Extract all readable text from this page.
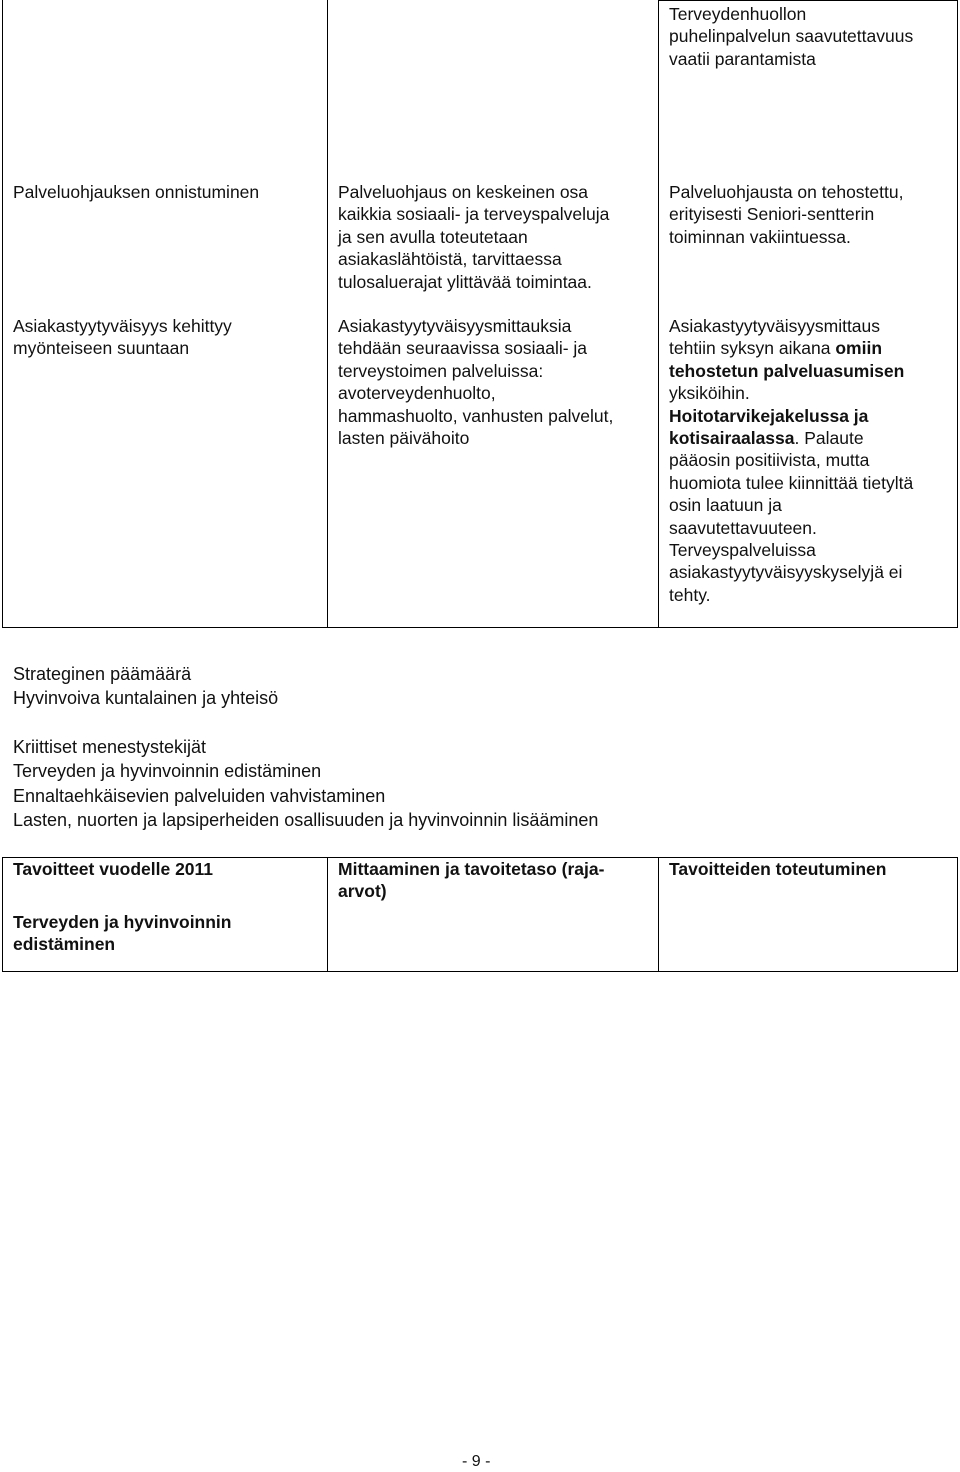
Terveydenhuollon
puhelinpalvelun saavutettavuus
vaatii parantamista
Palveluohjauksen onnistuminen	Palveluohjaus on keskeinen osa
kaikkia sosiaali- ja terveyspalveluja
ja sen avulla toteutetaan
asiakaslähtöistä, tarvittaessa
tulosaluerajat ylittävää toimintaa.
Palveluohjausta on tehostettu,
erityisesti Seniori-sentterin
toiminnan vakiintuessa.
Asiakastyytyväisyys kehittyy
myönteiseen suuntaan
Asiakastyytyväisyysmittauksia
tehdään seuraavissa sosiaali- ja
terveystoimen palveluissa:
avoterveydenhuolto,
hammashuolto, vanhusten palvelut,
lasten päivähoito
Asiakastyytyväisyysmittaus
tehtiin syksyn aikana omiin
tehostetun palveluasumisen
yksiköihin.
Hoitotarvikejakelussa ja
kotisairaalassa. Palaute
pääosin positiivista, mutta
huomiota tulee kiinnittää tietyltä
osin laatuun ja
saavutettavuuteen.
Terveyspalveluissa
asiakastyytyväisyyskyselyjä ei
tehty.
Strateginen päämäärä
Hyvinvoiva kuntalainen ja yhteisö
Kriittiset menestystekijät
Terveyden ja hyvinvoinnin edistäminen
Ennaltaehkäisevien palveluiden vahvistaminen
Lasten, nuorten ja lapsiperheiden osallisuuden ja hyvinvoinnin lisääminen
Tavoitteet vuodelle 2011	Mittaaminen ja tavoitetaso (raja-
arvot)
Tavoitteiden toteutuminen
Terveyden ja hyvinvoinnin
edistäminen
- 9 -
